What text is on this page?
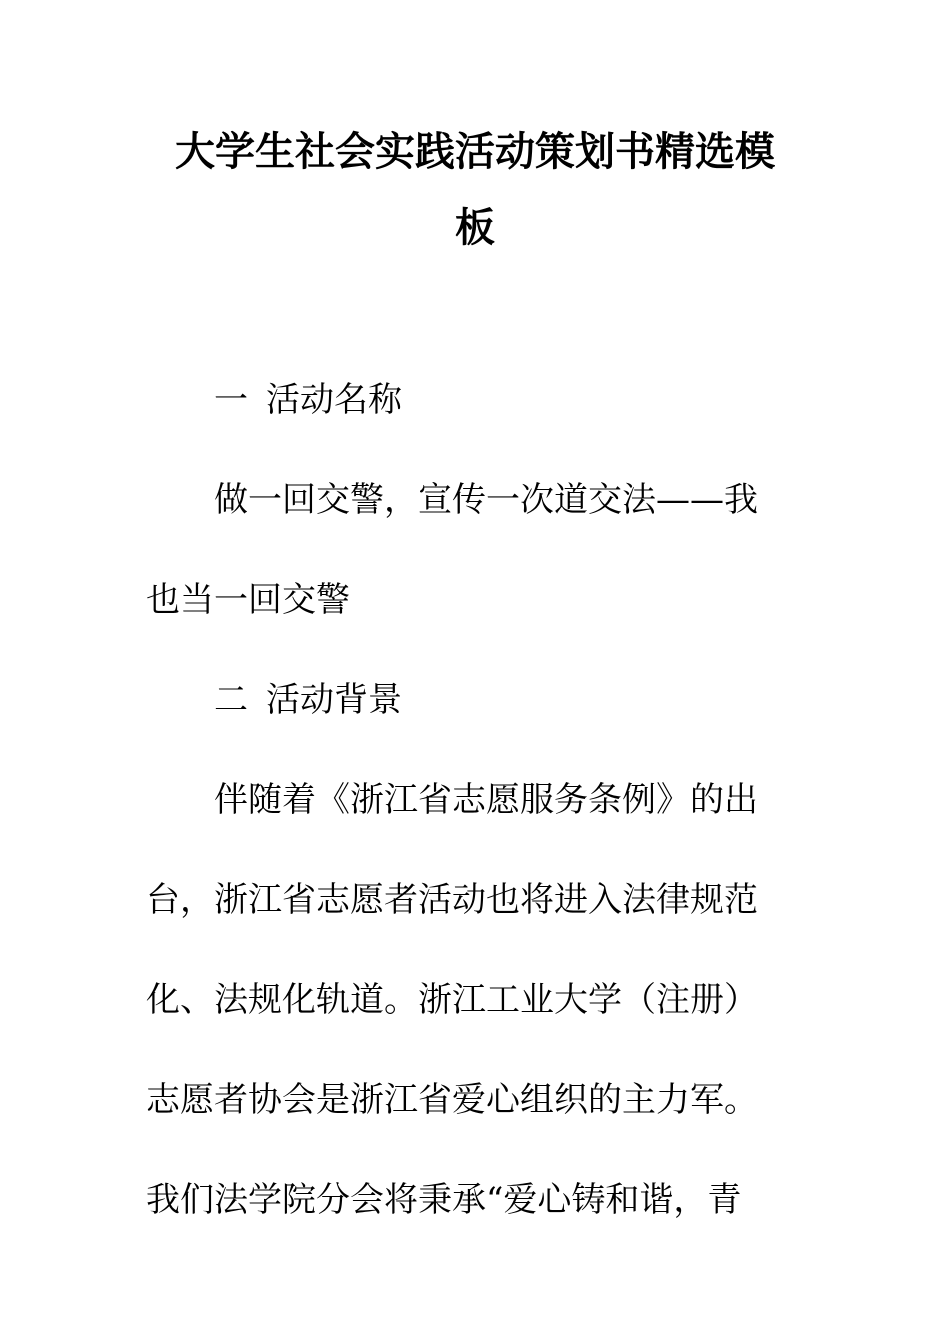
大学生社会实践活动策划书精选模
板
一 活动名称
做一回交警，宣传一次道交法——我
也当一回交警
二 活动背景
伴随着《浙江省志愿服务条例》的出
台，浙江省志愿者活动也将进入法律规范
化、法规化轨道。浙江工业大学（注册）
志愿者协会是浙江省爱心组织的主力军。
我们法学院分会将秉承“爱心铸和谐，青
